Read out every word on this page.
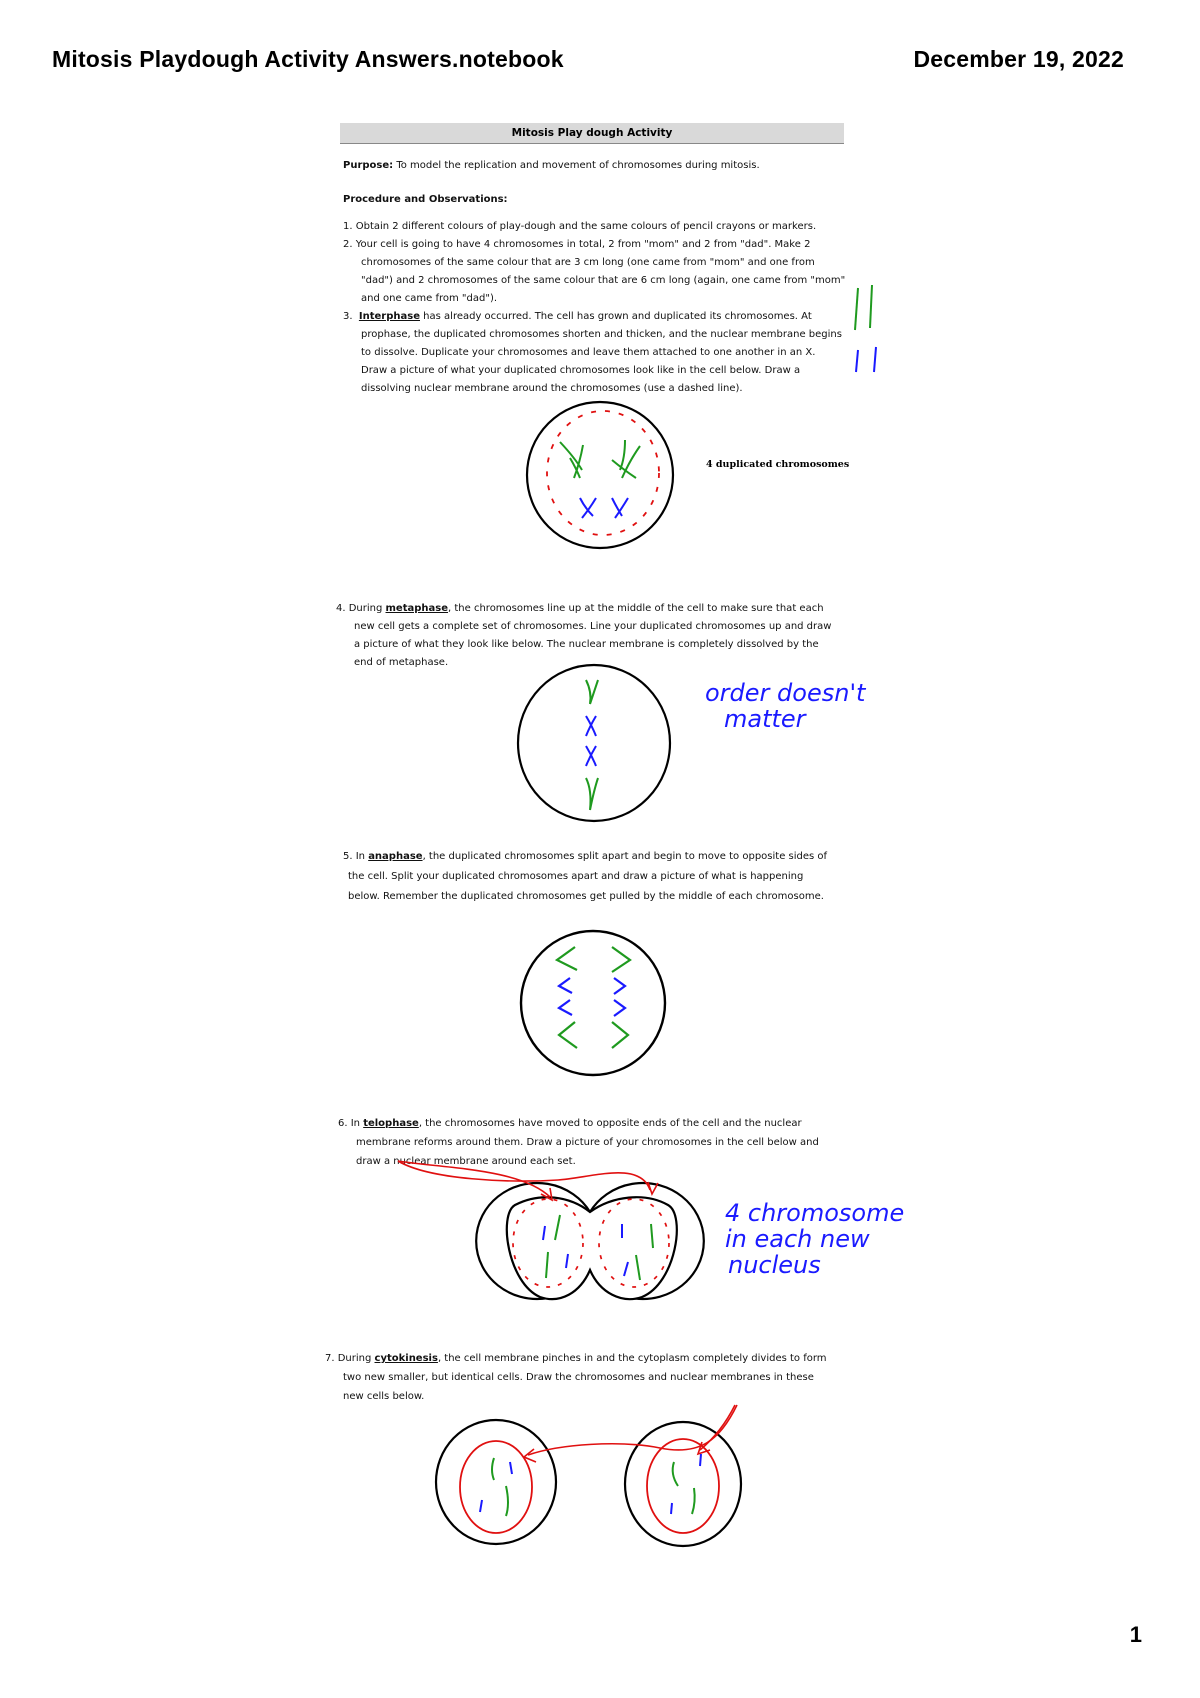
Mitosis Playdough Activity Answers.notebook	December 19, 2022
Mitosis Play dough Activity
Purpose: To model the replication and movement of chromosomes during mitosis.
Procedure and Observations:
1. Obtain 2 different colours of play-dough and the same colours of pencil crayons or markers.
2. Your cell is going to have 4 chromosomes in total, 2 from "mom" and 2 from "dad". Make 2
chromosomes of the same colour that are 3 cm long (one came from "mom" and one from
"dad") and 2 chromosomes of the same colour that are 6 cm long (again, one came from "mom"
and one came from "dad").
3. Interphase has already occurred. The cell has grown and duplicated its chromosomes. At
prophase, the duplicated chromosomes shorten and thicken, and the nuclear membrane begins
to dissolve. Duplicate your chromosomes and leave them attached to one another in an X.
Draw a picture of what your duplicated chromosomes look like in the cell below. Draw a
dissolving nuclear membrane around the chromosomes (use a dashed line).
4 duplicated chromosomes
4. During metaphase, the chromosomes line up at the middle of the cell to make sure that each
new cell gets a complete set of chromosomes. Line your duplicated chromosomes up and draw
a picture of what they look like below. The nuclear membrane is completely dissolved by the
end of metaphase.
order doesn't
matter
5. In anaphase, the duplicated chromosomes split apart and begin to move to opposite sides of
the cell. Split your duplicated chromosomes apart and draw a picture of what is happening
below. Remember the duplicated chromosomes get pulled by the middle of each chromosome.
6. In telophase, the chromosomes have moved to opposite ends of the cell and the nuclear
membrane reforms around them. Draw a picture of your chromosomes in the cell below and
draw a nuclear membrane around each set.
4 chromosome
in each new
nucleus
7. During cytokinesis, the cell membrane pinches in and the cytoplasm completely divides to form
two new smaller, but identical cells. Draw the chromosomes and nuclear membranes in these
new cells below.
1
